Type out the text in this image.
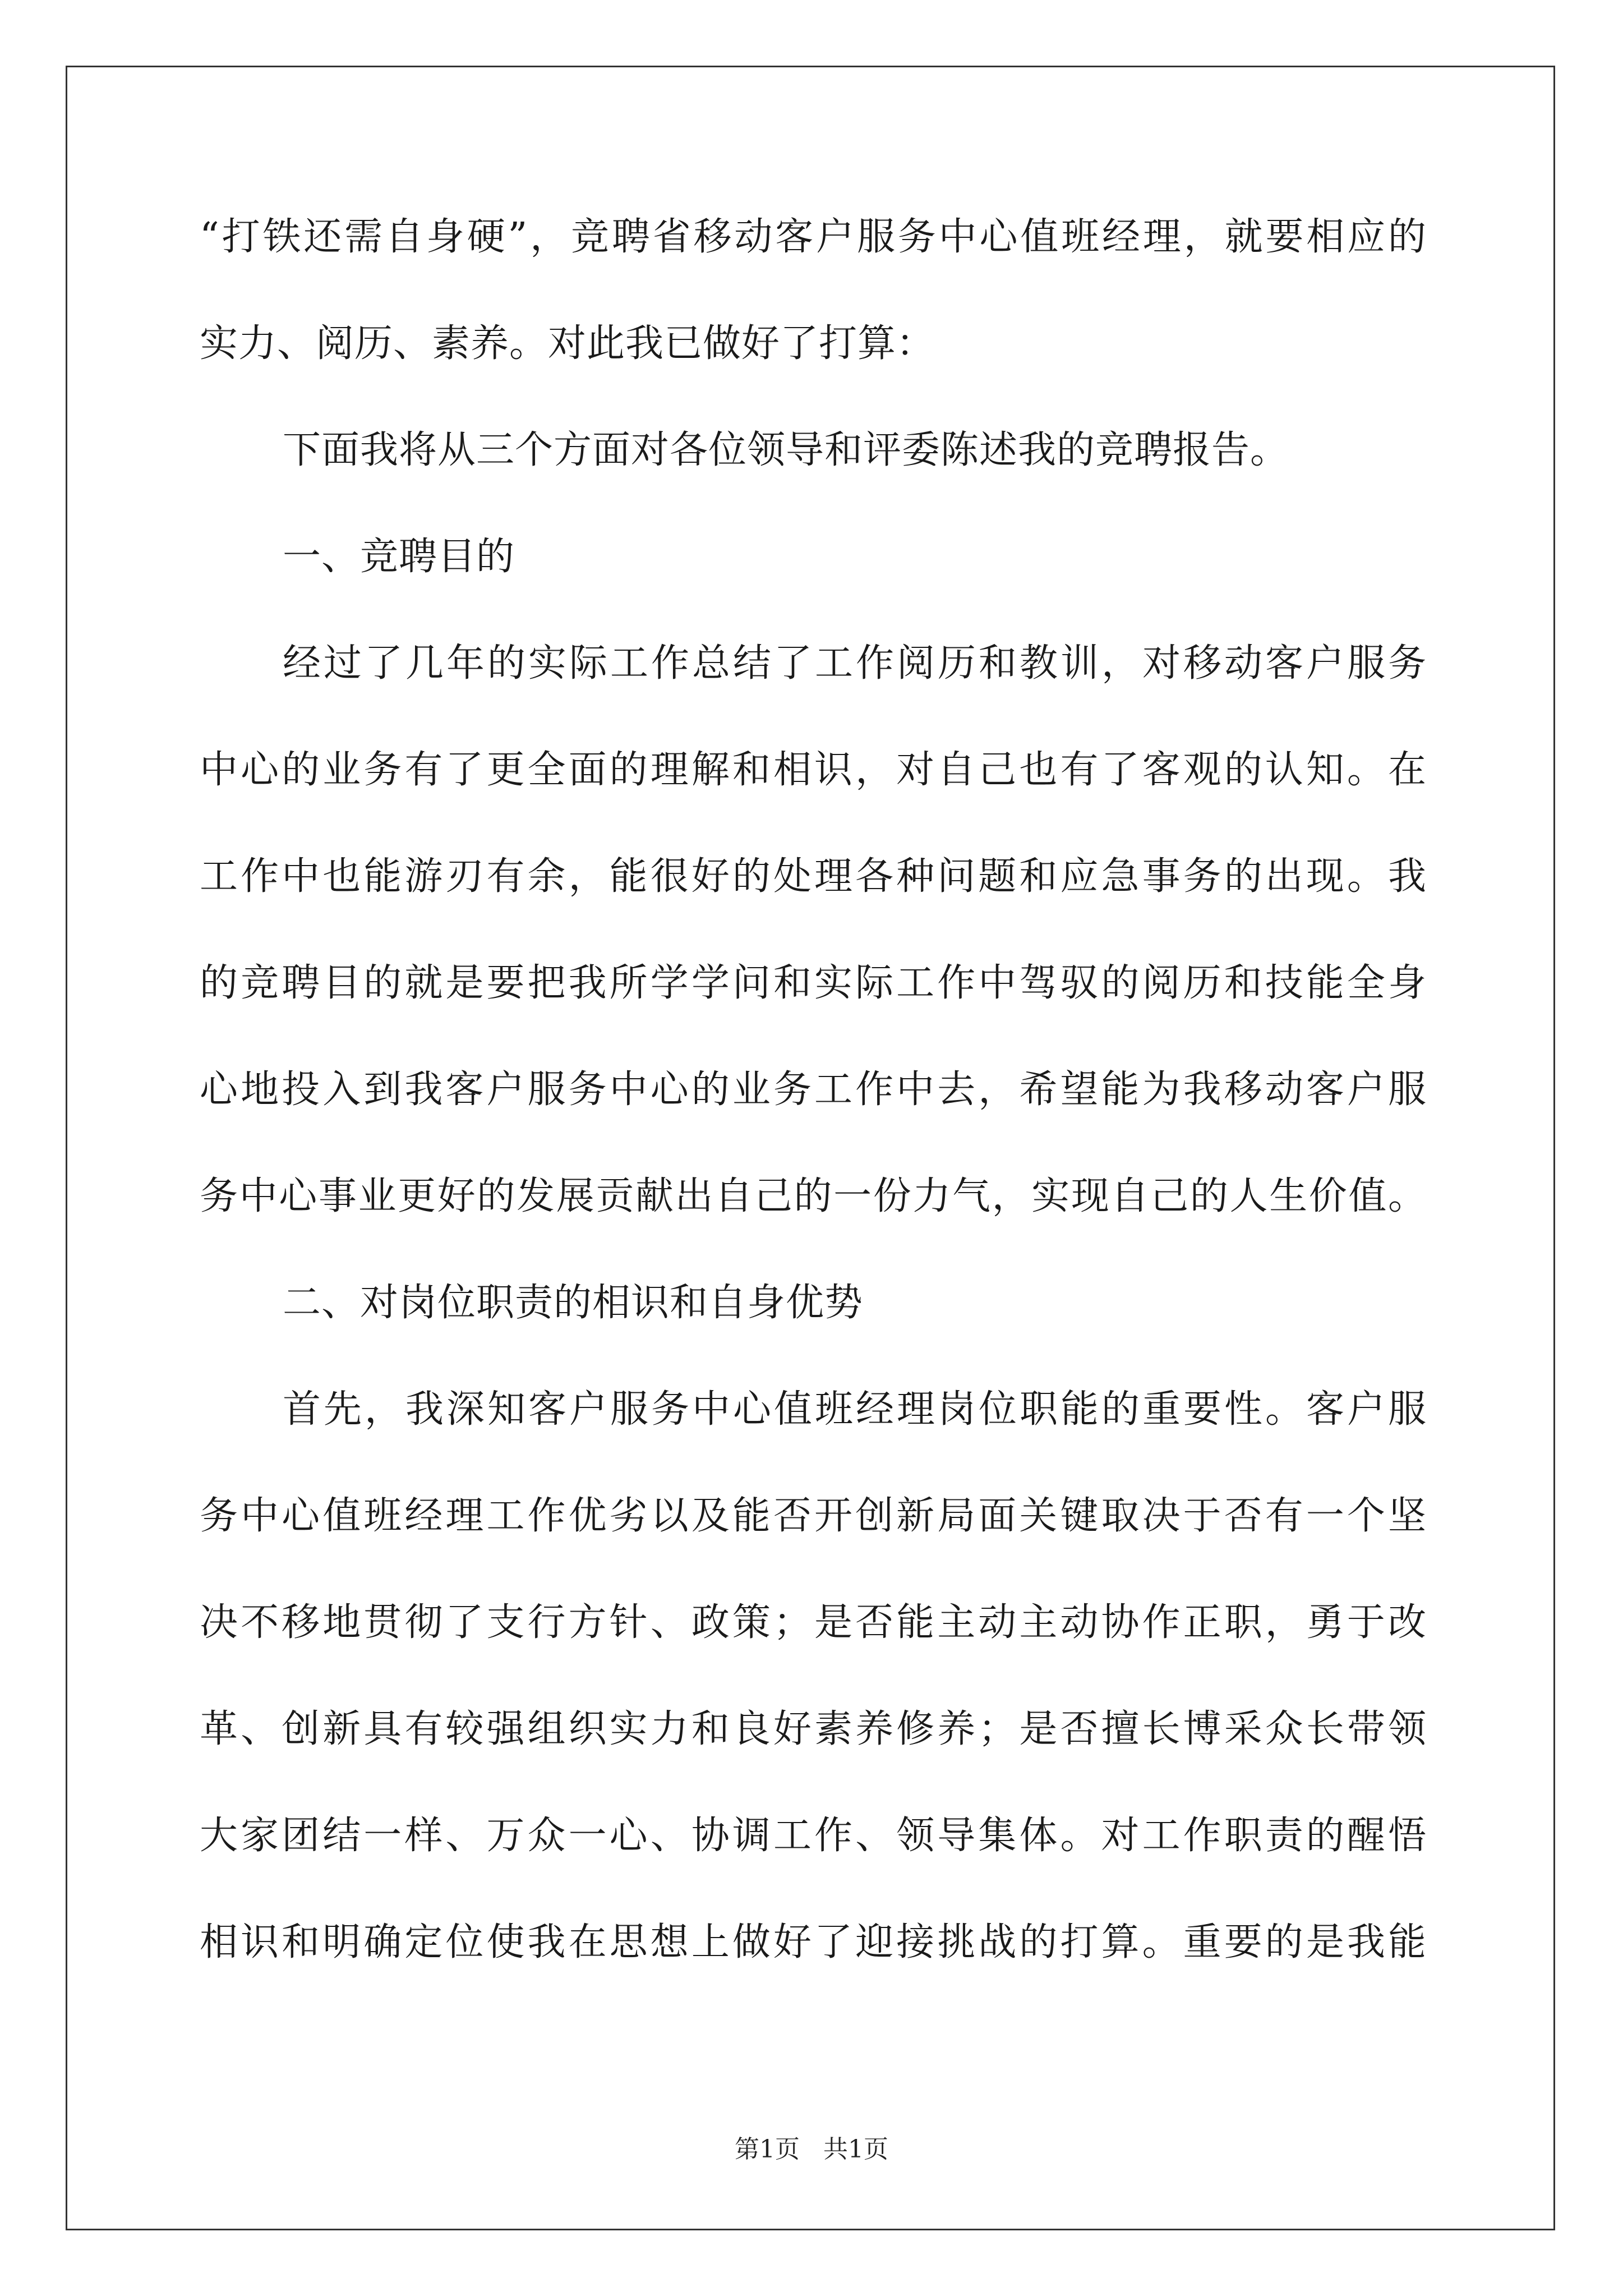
“打铁还需自身硬”，竞聘省移动客户服务中心值班经理，就要相应的
实力、阅历、素养。对此我已做好了打算：
下面我将从三个方面对各位领导和评委陈述我的竞聘报告。
一、竞聘目的
经过了几年的实际工作总结了工作阅历和教训，对移动客户服务
中心的业务有了更全面的理解和相识，对自己也有了客观的认知。在
工作中也能游刃有余，能很好的处理各种问题和应急事务的出现。我
的竞聘目的就是要把我所学学问和实际工作中驾驭的阅历和技能全身
心地投入到我客户服务中心的业务工作中去，希望能为我移动客户服
务中心事业更好的发展贡献出自己的一份力气，实现自己的人生价值。
二、对岗位职责的相识和自身优势
首先，我深知客户服务中心值班经理岗位职能的重要性。客户服
务中心值班经理工作优劣以及能否开创新局面关键取决于否有一个坚
决不移地贯彻了支行方针、政策；是否能主动主动协作正职，勇于改
革、创新具有较强组织实力和良好素养修养；是否擅长博采众长带领
大家团结一样、万众一心、协调工作、领导集体。对工作职责的醒悟
相识和明确定位使我在思想上做好了迎接挑战的打算。重要的是我能
第1页 共1页
